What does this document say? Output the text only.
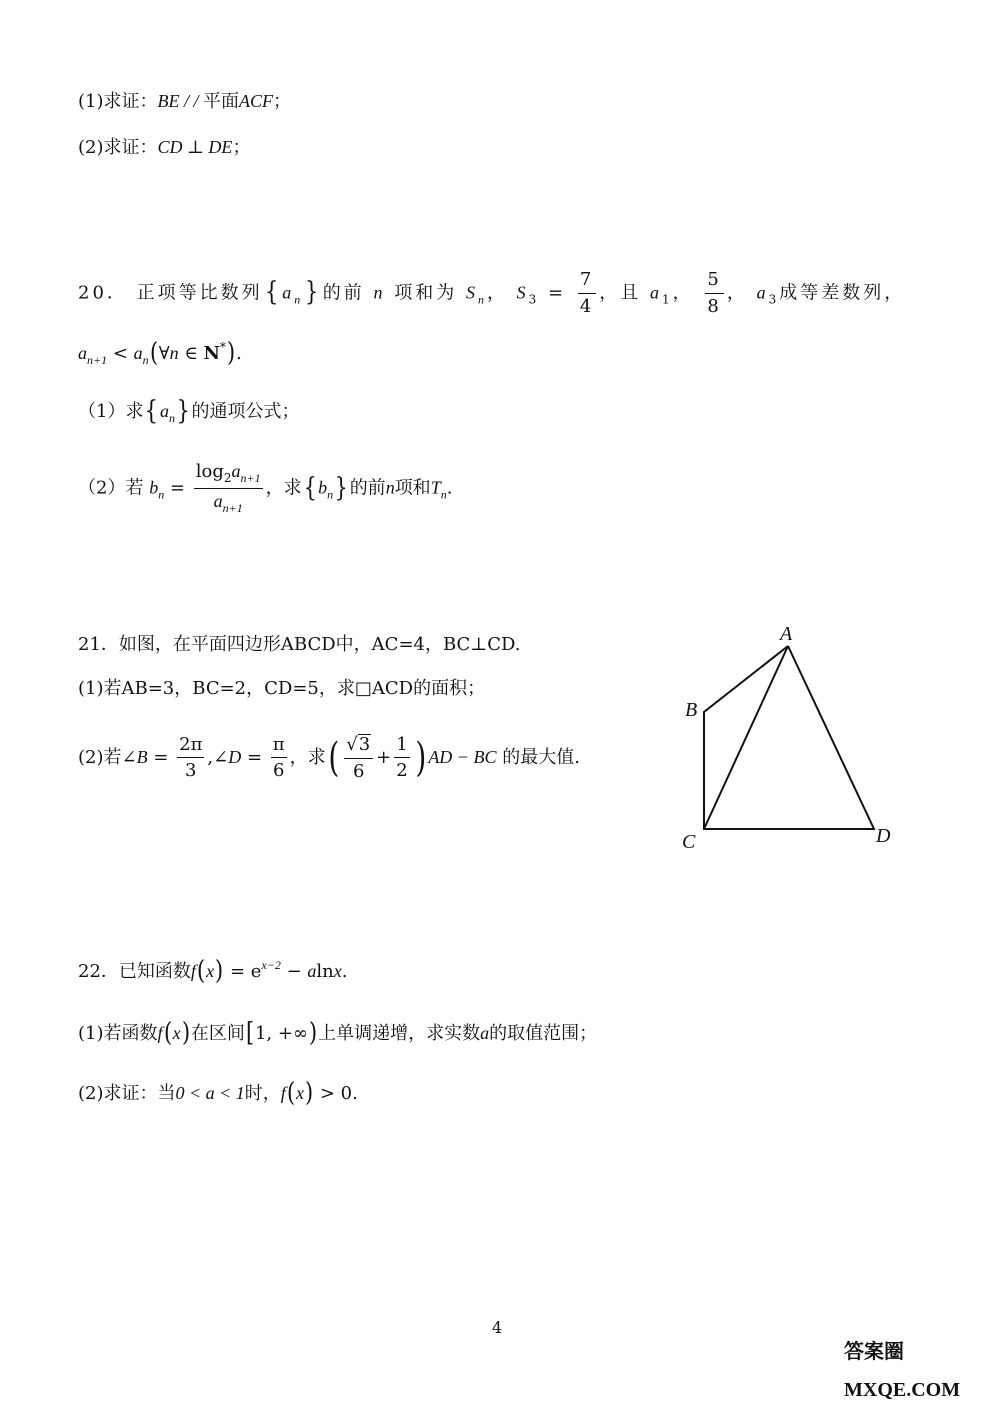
(1)求证：BE / / 平面ACF；
(2)求证：CD ⊥ DE；
20． 正项等比数列{ $a_n$} 的前 n 项和为 $S_n$， $S_3 = \frac{7}{4}$ ，且 $a_1$， $\frac{5}{8}$ ， $a_3$成等差数列，
$a_{n+1}$ < $a_n(\forall n$ ∈ N*).
（1）求$\{a_n\}$的通项公式；
（2）若 $b_n = \frac{\log_2a_{n+1}}{a_{n+1}}$ ，求$\{b_n\}$的前n项和$T_n$.
21．如图，在平面四边形ABCD中，AC=4，BC⊥CD.
(1)若AB=3，BC=2，CD=5，求□ACD的面积；
(2)若∠B = $\frac{2\pi}{3}$ ,∠D = $\frac{\pi}{6}$ ，求( $\frac{√3}{6} + \frac{1}{2}$ ) AD − BC 的最大值.
A
B
C	D
22．已知函数$f(x) = e^{x-2} - alnx$.
(1)若函数f(x)在区间[1, +∞)上单调递增，求实数a的取值范围；
(2)求证：当0 < a < 1时，f(x) > 0.
4
答案圈
MXQE.COM
